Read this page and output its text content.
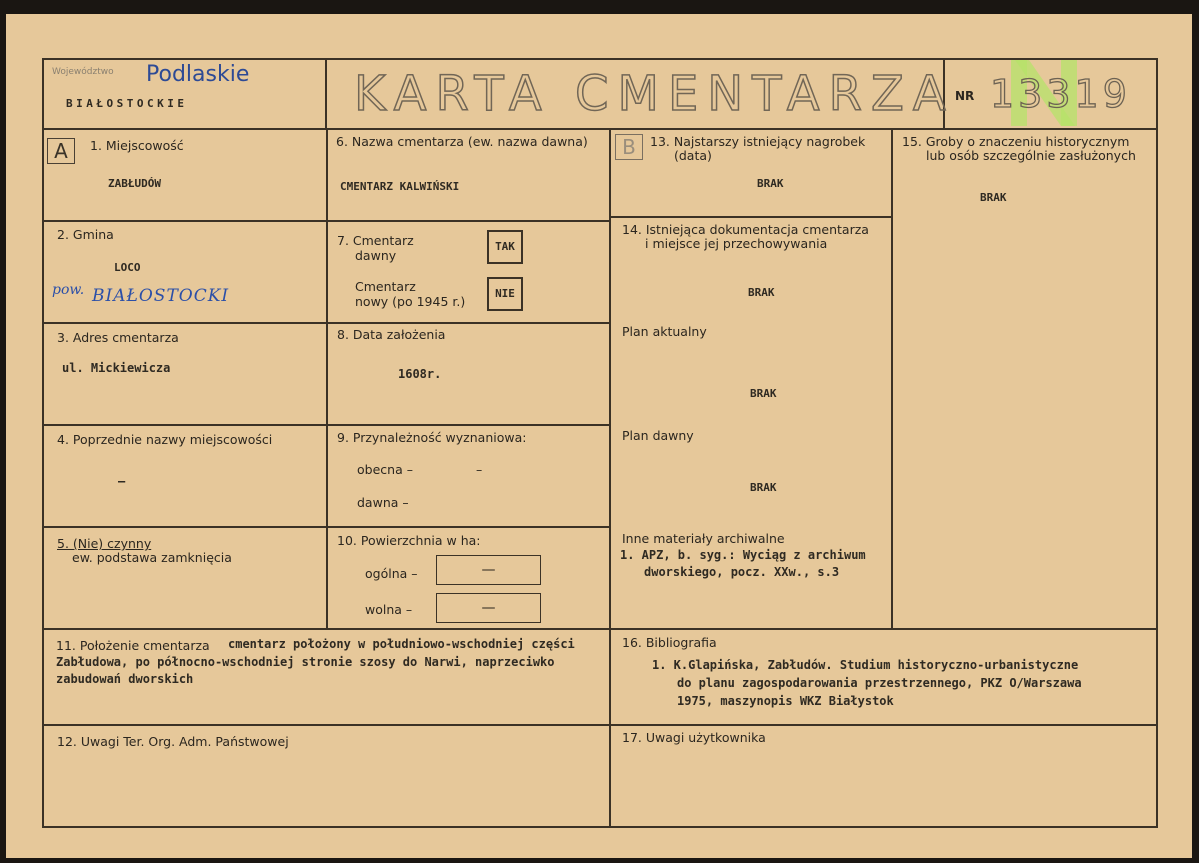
Województwo Podlaskie
BIAŁOSTOCKIE	KARTA CMENTARZA NR 13319
A	B
1. Miejscowość
ZABŁUDÓW
2. Gmina
LOCO
pow. BIAŁOSTOCKI
3. Adres cmentarza
ul. Mickiewicza
4. Poprzednie nazwy miejscowości
–
5. (Nie) czynny
ew. podstawa zamknięcia
6. Nazwa cmentarza (ew. nazwa dawna)
CMENTARZ KALWIŃSKI
7. Cmentarz
dawny
TAK
Cmentarz
nowy (po 1945 r.)
NIE
8. Data założenia
1608r.
9. Przynależność wyznaniowa:
obecna –	–
dawna –
10. Powierzchnia w ha:
ogólna –	—
wolna –	—
13. Najstarszy istniejący nagrobek
(data)
BRAK
14. Istniejąca dokumentacja cmentarza
i miejsce jej przechowywania
BRAK
Plan aktualny
BRAK
Plan dawny
BRAK
Inne materiały archiwalne
1. APZ, b. syg.: Wyciąg z archiwum
dworskiego, pocz. XXw., s.3
15. Groby o znaczeniu historycznym
lub osób szczególnie zasłużonych
BRAK
11. Położenie cmentarza cmentarz położony w południowo-wschodniej części
Zabłudowa, po północno-wschodniej stronie szosy do Narwi, naprzeciwko
zabudowań dworskich
16. Bibliografia
1. K.Glapińska, Zabłudów. Studium historyczno-urbanistyczne
do planu zagospodarowania przestrzennego, PKZ O/Warszawa
1975, maszynopis WKZ Białystok
12. Uwagi Ter. Org. Adm. Państwowej	17. Uwagi użytkownika
